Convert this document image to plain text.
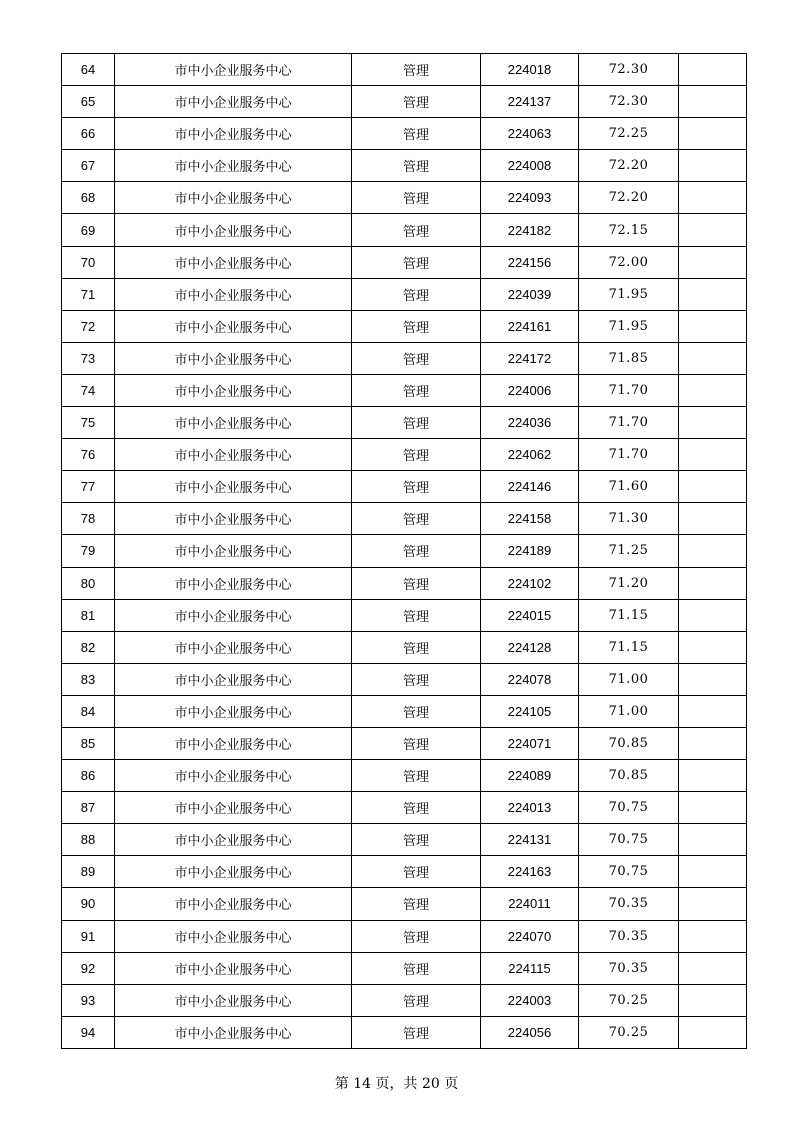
64	市中小企业服务中心	管理	224018	72.30	
65	市中小企业服务中心	管理	224137	72.30	
66	市中小企业服务中心	管理	224063	72.25	
67	市中小企业服务中心	管理	224008	72.20	
68	市中小企业服务中心	管理	224093	72.20	
69	市中小企业服务中心	管理	224182	72.15	
70	市中小企业服务中心	管理	224156	72.00	
71	市中小企业服务中心	管理	224039	71.95	
72	市中小企业服务中心	管理	224161	71.95	
73	市中小企业服务中心	管理	224172	71.85	
74	市中小企业服务中心	管理	224006	71.70	
75	市中小企业服务中心	管理	224036	71.70	
76	市中小企业服务中心	管理	224062	71.70	
77	市中小企业服务中心	管理	224146	71.60	
78	市中小企业服务中心	管理	224158	71.30	
79	市中小企业服务中心	管理	224189	71.25	
80	市中小企业服务中心	管理	224102	71.20	
81	市中小企业服务中心	管理	224015	71.15	
82	市中小企业服务中心	管理	224128	71.15	
83	市中小企业服务中心	管理	224078	71.00	
84	市中小企业服务中心	管理	224105	71.00	
85	市中小企业服务中心	管理	224071	70.85	
86	市中小企业服务中心	管理	224089	70.85	
87	市中小企业服务中心	管理	224013	70.75	
88	市中小企业服务中心	管理	224131	70.75	
89	市中小企业服务中心	管理	224163	70.75	
90	市中小企业服务中心	管理	224011	70.35	
91	市中小企业服务中心	管理	224070	70.35	
92	市中小企业服务中心	管理	224115	70.35	
93	市中小企业服务中心	管理	224003	70.25	
94	市中小企业服务中心	管理	224056	70.25	
第 14 页，共 20 页
